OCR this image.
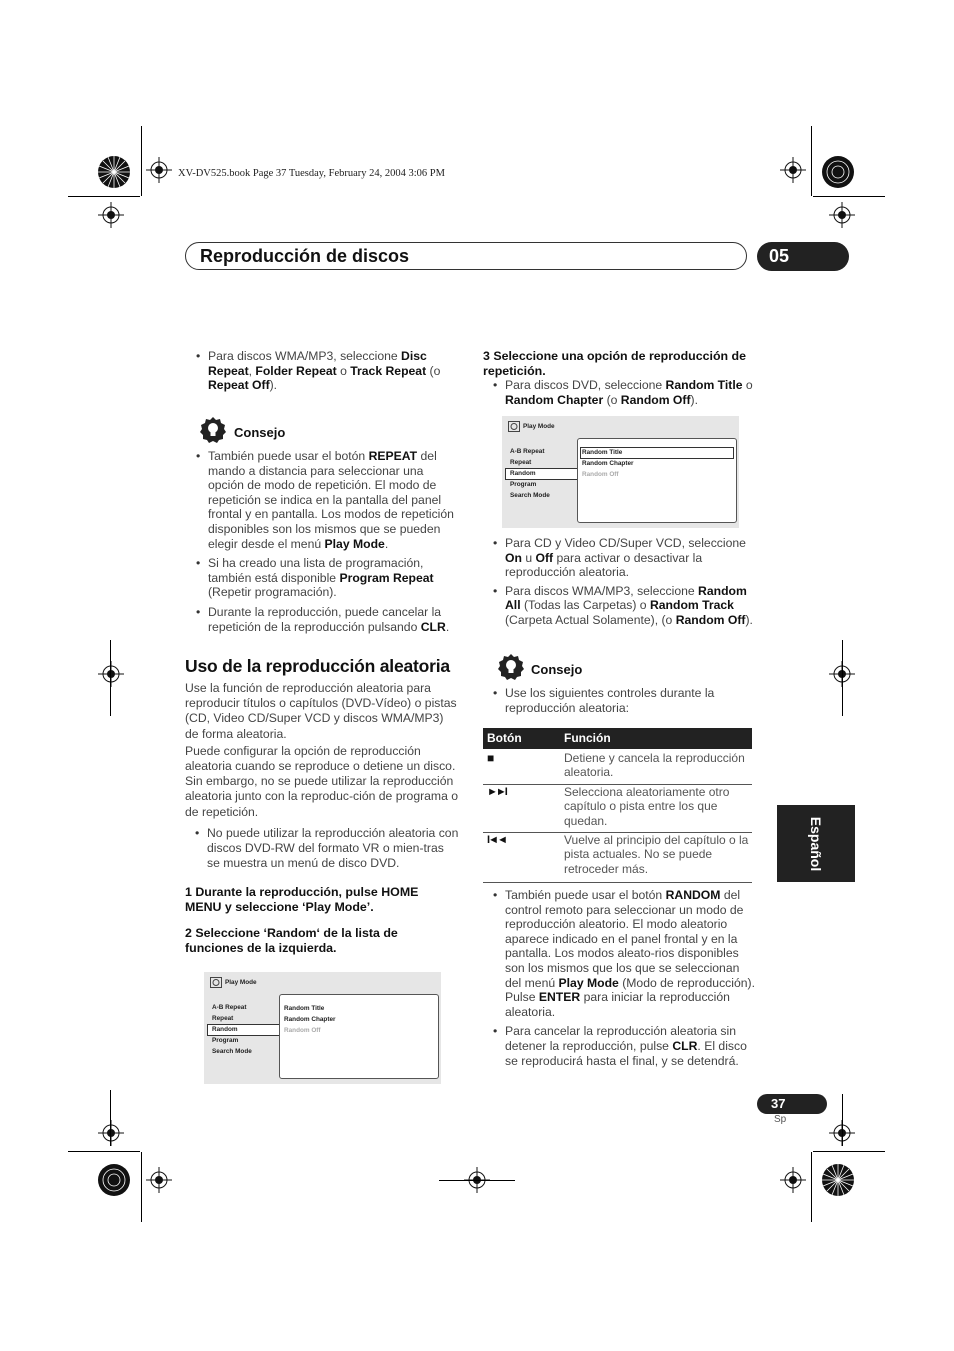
XV-DV525.book Page 37 Tuesday, February 24, 2004 3:06 PM
Reproducción de discos	05

• Para discos WMA/MP3, seleccione Disc Repeat, Folder Repeat o Track Repeat (o Repeat Off).

Consejo

• También puede usar el botón REPEAT del mando a distancia para seleccionar una opción de modo de repetición. El modo de repetición se indica en la pantalla del panel frontal y en pantalla. Los modos de repetición disponibles son los mismos que se pueden elegir desde el menú Play Mode.

• Si ha creado una lista de programación, también está disponible Program Repeat (Repetir programación).

• Durante la reproducción, puede cancelar la repetición de la reproducción pulsando CLR.

Uso de la reproducción aleatoria

Use la función de reproducción aleatoria para reproducir títulos o capítulos (DVD-Vídeo) o pistas (CD, Video CD/Super VCD y discos WMA/MP3) de forma aleatoria.

Puede configurar la opción de reproducción aleatoria cuando se reproduce o detiene un disco. Sin embargo, no se puede utilizar la reproducción aleatoria junto con la reproduc-ción de programa o de repetición.

• No puede utilizar la reproducción aleatoria con discos DVD-RW del formato VR o mien-tras se muestra un menú de disco DVD.

1 Durante la reproducción, pulse HOME MENU y seleccione ‘Play Mode’.
2 Seleccione ‘Random‘ de la lista de funciones de la izquierda.
Play Mode
A-B Repeat
Repeat
Random
Program
Search Mode
Random Title
Random Chapter
Random Off
3 Seleccione una opción de reproducción de repetición.

• Para discos DVD, seleccione Random Title o Random Chapter (o Random Off).

Play Mode
A-B Repeat
Repeat
Random
Program
Search Mode
Random Title
Random Chapter
Random Off

• Para CD y Video CD/Super VCD, seleccione On u Off para activar o desactivar la reproducción aleatoria.

• Para discos WMA/MP3, seleccione Random All (Todas las Carpetas) o Random Track (Carpeta Actual Solamente), (o Random Off).

Consejo

• Use los siguientes controles durante la reproducción aleatoria:

Botón	Función
■	Detiene y cancela la reproducción aleatoria.
►►I	Selecciona aleatoriamente otro capítulo o pista entre los que quedan.
I◄◄	Vuelve al principio del capítulo o la pista actuales. No se puede retroceder más.

• También puede usar el botón RANDOM del control remoto para seleccionar un modo de reproducción aleatorio. El modo aleatorio aparece indicado en el panel frontal y en la pantalla. Los modos aleato-rios disponibles son los mismos que los que se seleccionan del menú Play Mode (Modo de reproducción). Pulse ENTER para iniciar la reproducción aleatoria.

• Para cancelar la reproducción aleatoria sin detener la reproducción, pulse CLR. El disco se reproducirá hasta el final, y se detendrá.

Español
37
Sp
